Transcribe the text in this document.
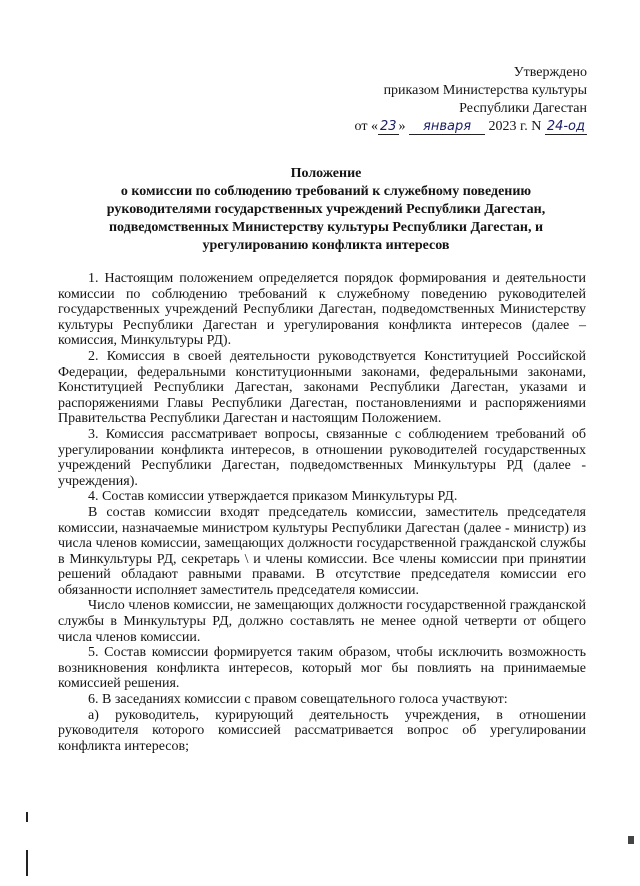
Утверждено
приказом Министерства культуры
Республики Дагестан
от « 23 » января 2023 г. N 24-од
Положение
о комиссии по соблюдению требований к служебному поведению
руководителями государственных учреждений Республики Дагестан,
подведомственных Министерству культуры Республики Дагестан, и
урегулированию конфликта интересов

1. Настоящим положением определяется порядок формирования и деятельности комиссии по соблюдению требований к служебному поведению руководителей государственных учреждений Республики Дагестан, подведомственных Министерству культуры Республики Дагестан и урегулирования конфликта интересов (далее – комиссия, Минкультуры РД).

2. Комиссия в своей деятельности руководствуется Конституцией Российской Федерации, федеральными конституционными законами, федеральными законами, Конституцией Республики Дагестан, законами Республики Дагестан, указами и распоряжениями Главы Республики Дагестан, постановлениями и распоряжениями Правительства Республики Дагестан и настоящим Положением.

3. Комиссия рассматривает вопросы, связанные с соблюдением требований об урегулировании конфликта интересов, в отношении руководителей государственных учреждений Республики Дагестан, подведомственных Минкультуры РД (далее - учреждения).

4. Состав комиссии утверждается приказом Минкультуры РД.

В состав комиссии входят председатель комиссии, заместитель председателя комиссии, назначаемые министром культуры Республики Дагестан (далее - министр) из числа членов комиссии, замещающих должности государственной гражданской службы в Минкультуры РД, секретарь \ и члены комиссии. Все члены комиссии при принятии решений обладают равными правами. В отсутствие председателя комиссии его обязанности исполняет заместитель председателя комиссии.

Число членов комиссии, не замещающих должности государственной гражданской службы в Минкультуры РД, должно составлять не менее одной четверти от общего числа членов комиссии.

5. Состав комиссии формируется таким образом, чтобы исключить возможность возникновения конфликта интересов, который мог бы повлиять на принимаемые комиссией решения.

6. В заседаниях комиссии с правом совещательного голоса участвуют:

а) руководитель, курирующий деятельность учреждения, в отношении руководителя которого комиссией рассматривается вопрос об урегулировании конфликта интересов;
